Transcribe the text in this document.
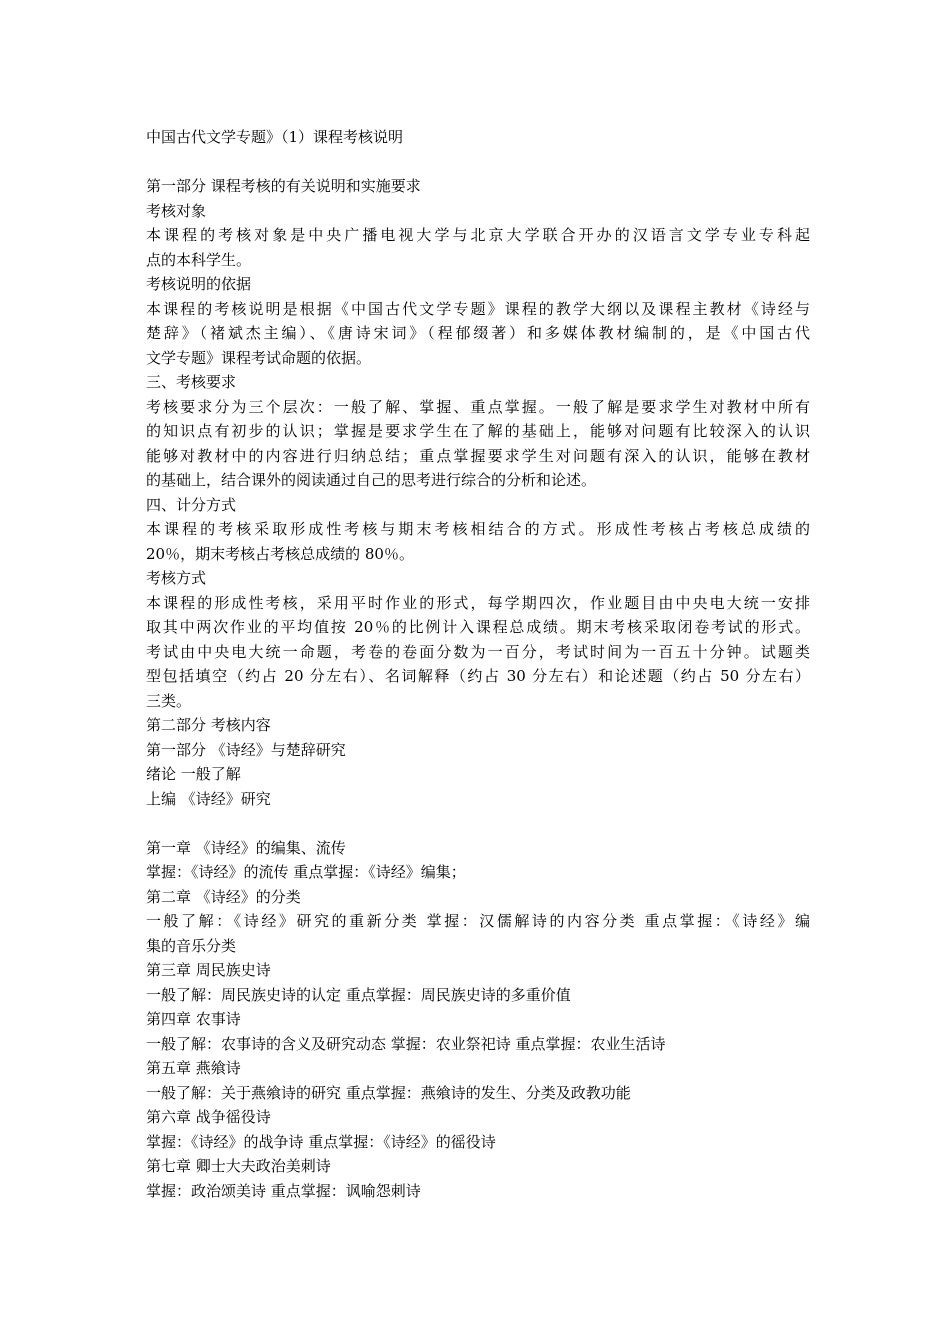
中国古代文学专题》（1）课程考核说明
第一部分 课程考核的有关说明和实施要求
考核对象
本课程的考核对象是中央广播电视大学与北京大学联合开办的汉语言文学专业专科起
点的本科学生。
考核说明的依据
本课程的考核说明是根据《中国古代文学专题》课程的教学大纲以及课程主教材《诗经与
楚辞》（褚斌杰主编）、《唐诗宋词》（程郁缀著）和多媒体教材编制的，是《中国古代
文学专题》课程考试命题的依据。
三、考核要求
考核要求分为三个层次：一般了解、掌握、重点掌握。一般了解是要求学生对教材中所有
的知识点有初步的认识；掌握是要求学生在了解的基础上，能够对问题有比较深入的认识
能够对教材中的内容进行归纳总结；重点掌握要求学生对问题有深入的认识，能够在教材
的基础上，结合课外的阅读通过自己的思考进行综合的分析和论述。
四、计分方式
本课程的考核采取形成性考核与期末考核相结合的方式。形成性考核占考核总成绩的
20％，期末考核占考核总成绩的 80％。
考核方式
本课程的形成性考核，采用平时作业的形式，每学期四次，作业题目由中央电大统一安排
取其中两次作业的平均值按 20％的比例计入课程总成绩。期末考核采取闭卷考试的形式。
考试由中央电大统一命题，考卷的卷面分数为一百分，考试时间为一百五十分钟。试题类
型包括填空（约占 20 分左右）、名词解释（约占 30 分左右）和论述题（约占 50 分左右）
三类。
第二部分 考核内容
第一部分 《诗经》与楚辞研究
绪论 一般了解
上编 《诗经》研究
第一章 《诗经》的编集、流传
掌握：《诗经》的流传 重点掌握：《诗经》编集；
第二章 《诗经》的分类
一般了解：《诗经》研究的重新分类 掌握：汉儒解诗的内容分类 重点掌握：《诗经》编
集的音乐分类
第三章 周民族史诗
一般了解：周民族史诗的认定 重点掌握：周民族史诗的多重价值
第四章 农事诗
一般了解：农事诗的含义及研究动态 掌握：农业祭祀诗 重点掌握：农业生活诗
第五章 燕飨诗
一般了解：关于燕飨诗的研究 重点掌握：燕飨诗的发生、分类及政教功能
第六章 战争徭役诗
掌握：《诗经》的战争诗 重点掌握：《诗经》的徭役诗
第七章 卿士大夫政治美刺诗
掌握：政治颂美诗 重点掌握：讽喻怨刺诗
